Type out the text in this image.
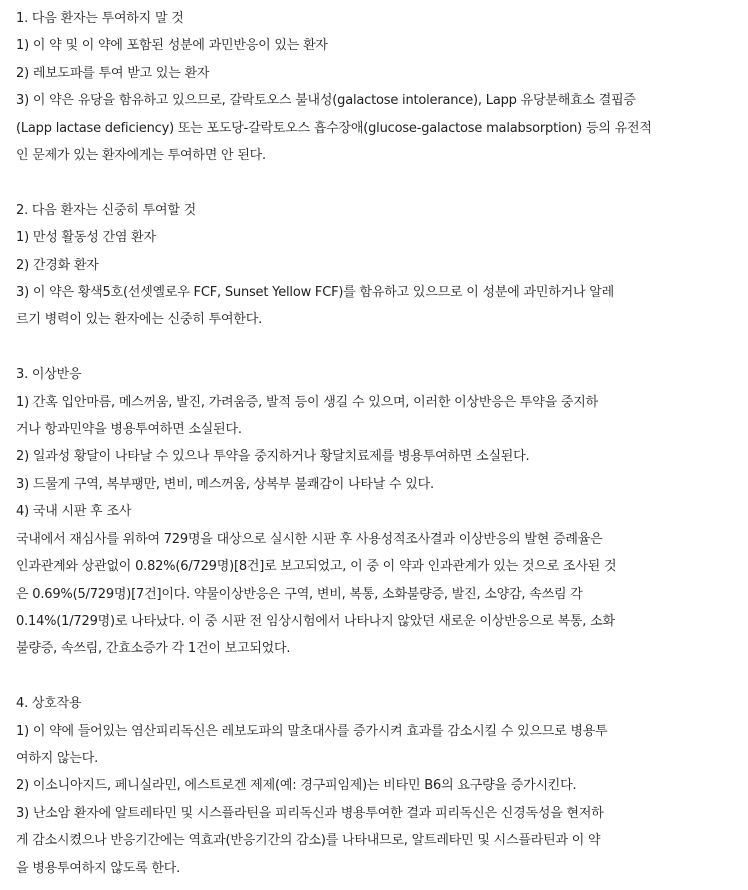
1. 다음 환자는 투여하지 말 것

1) 이 약 및 이 약에 포함된 성분에 과민반응이 있는 환자

2) 레보도파를 투여 받고 있는 환자

3) 이 약은 유당을 함유하고 있으므로, 갈락토오스 불내성(galactose intolerance), Lapp 유당분해효소 결핍증

(Lapp lactase deficiency) 또는 포도당-갈락토오스 흡수장애(glucose-galactose malabsorption) 등의 유전적

인 문제가 있는 환자에게는 투여하면 안 된다.

2. 다음 환자는 신중히 투여할 것

1) 만성 활동성 간염 환자

2) 간경화 환자

3) 이 약은 황색5호(선셋옐로우 FCF, Sunset Yellow FCF)를 함유하고 있으므로 이 성분에 과민하거나 알레

르기 병력이 있는 환자에는 신중히 투여한다.

3. 이상반응

1) 간혹 입안마름, 메스꺼움, 발진, 가려움증, 발적 등이 생길 수 있으며, 이러한 이상반응은 투약을 중지하

거나 항과민약을 병용투여하면 소실된다.

2) 일과성 황달이 나타날 수 있으나 투약을 중지하거나 황달치료제를 병용투여하면 소실된다.

3) 드물게 구역, 복부팽만, 변비, 메스꺼움, 상복부 불쾌감이 나타날 수 있다.

4) 국내 시판 후 조사

국내에서 재심사를 위하여 729명을 대상으로 실시한 시판 후 사용성적조사결과 이상반응의 발현 증례율은

인과관계와 상관없이 0.82%(6/729명)[8건]로 보고되었고, 이 중 이 약과 인과관계가 있는 것으로 조사된 것

은 0.69%(5/729명)[7건]이다. 약물이상반응은 구역, 변비, 복통, 소화불량증, 발진, 소양감, 속쓰림 각

0.14%(1/729명)로 나타났다. 이 중 시판 전 임상시험에서 나타나지 않았던 새로운 이상반응으로 복통, 소화

불량증, 속쓰림, 간효소증가 각 1건이 보고되었다.

4. 상호작용

1) 이 약에 들어있는 염산피리독신은 레보도파의 말초대사를 증가시켜 효과를 감소시킬 수 있으므로 병용투

여하지 않는다.

2) 이소니아지드, 페니실라민, 에스트로겐 제제(예: 경구피임제)는 비타민 B6의 요구량을 증가시킨다.

3) 난소암 환자에 알트레타민 및 시스플라틴을 피리독신과 병용투여한 결과 피리독신은 신경독성을 현저하

게 감소시켰으나 반응기간에는 역효과(반응기간의 감소)를 나타내므로, 알트레타민 및 시스플라틴과 이 약

을 병용투여하지 않도록 한다.
